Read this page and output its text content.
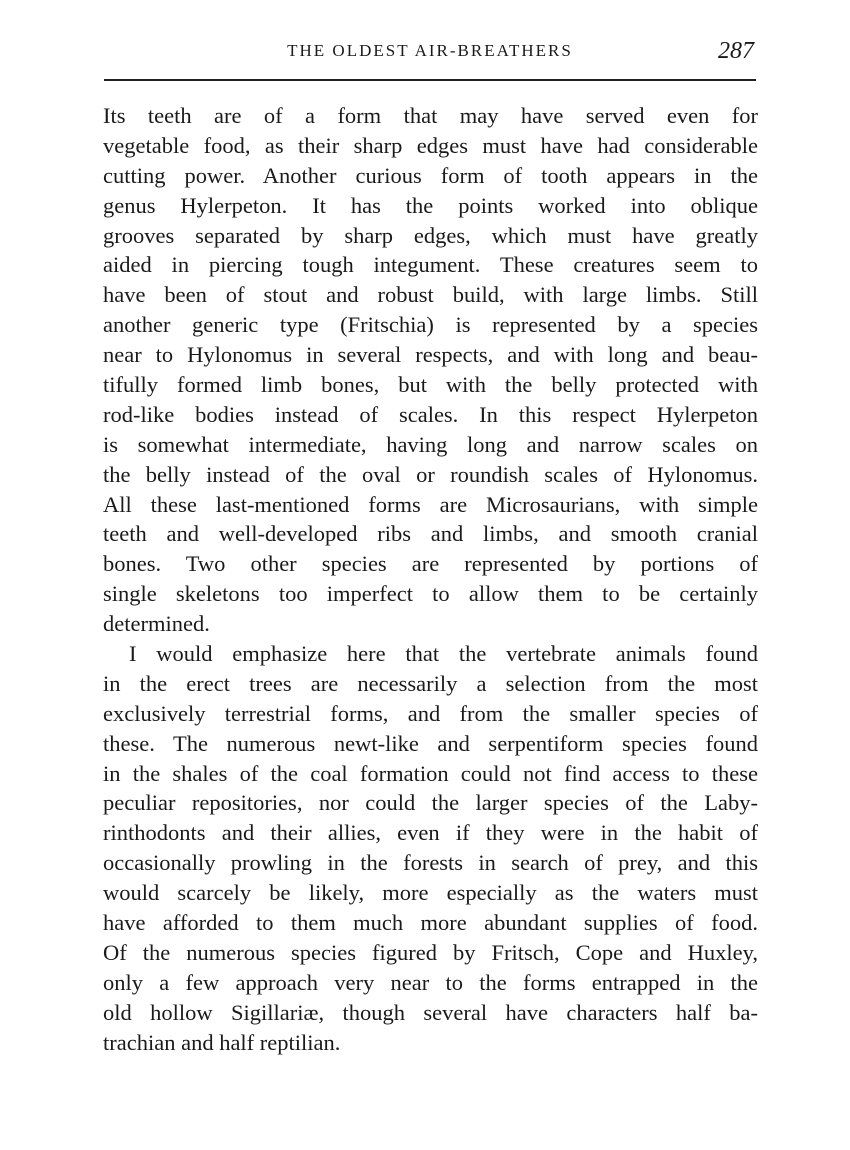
THE OLDEST AIR-BREATHERS	287
Its teeth are of a form that may have served even for
vegetable food, as their sharp edges must have had considerable
cutting power. Another curious form of tooth appears in the
genus Hylerpeton. It has the points worked into oblique
grooves separated by sharp edges, which must have greatly
aided in piercing tough integument. These creatures seem to
have been of stout and robust build, with large limbs. Still
another generic type (Fritschia) is represented by a species
near to Hylonomus in several respects, and with long and beau-
tifully formed limb bones, but with the belly protected with
rod-like bodies instead of scales. In this respect Hylerpeton
is somewhat intermediate, having long and narrow scales on
the belly instead of the oval or roundish scales of Hylonomus.
All these last-mentioned forms are Microsaurians, with simple
teeth and well-developed ribs and limbs, and smooth cranial
bones. Two other species are represented by portions of
single skeletons too imperfect to allow them to be certainly
determined.
I would emphasize here that the vertebrate animals found
in the erect trees are necessarily a selection from the most
exclusively terrestrial forms, and from the smaller species of
these. The numerous newt-like and serpentiform species found
in the shales of the coal formation could not find access to these
peculiar repositories, nor could the larger species of the Laby-
rinthodonts and their allies, even if they were in the habit of
occasionally prowling in the forests in search of prey, and this
would scarcely be likely, more especially as the waters must
have afforded to them much more abundant supplies of food.
Of the numerous species figured by Fritsch, Cope and Huxley,
only a few approach very near to the forms entrapped in the
old hollow Sigillariæ, though several have characters half ba-
trachian and half reptilian.
